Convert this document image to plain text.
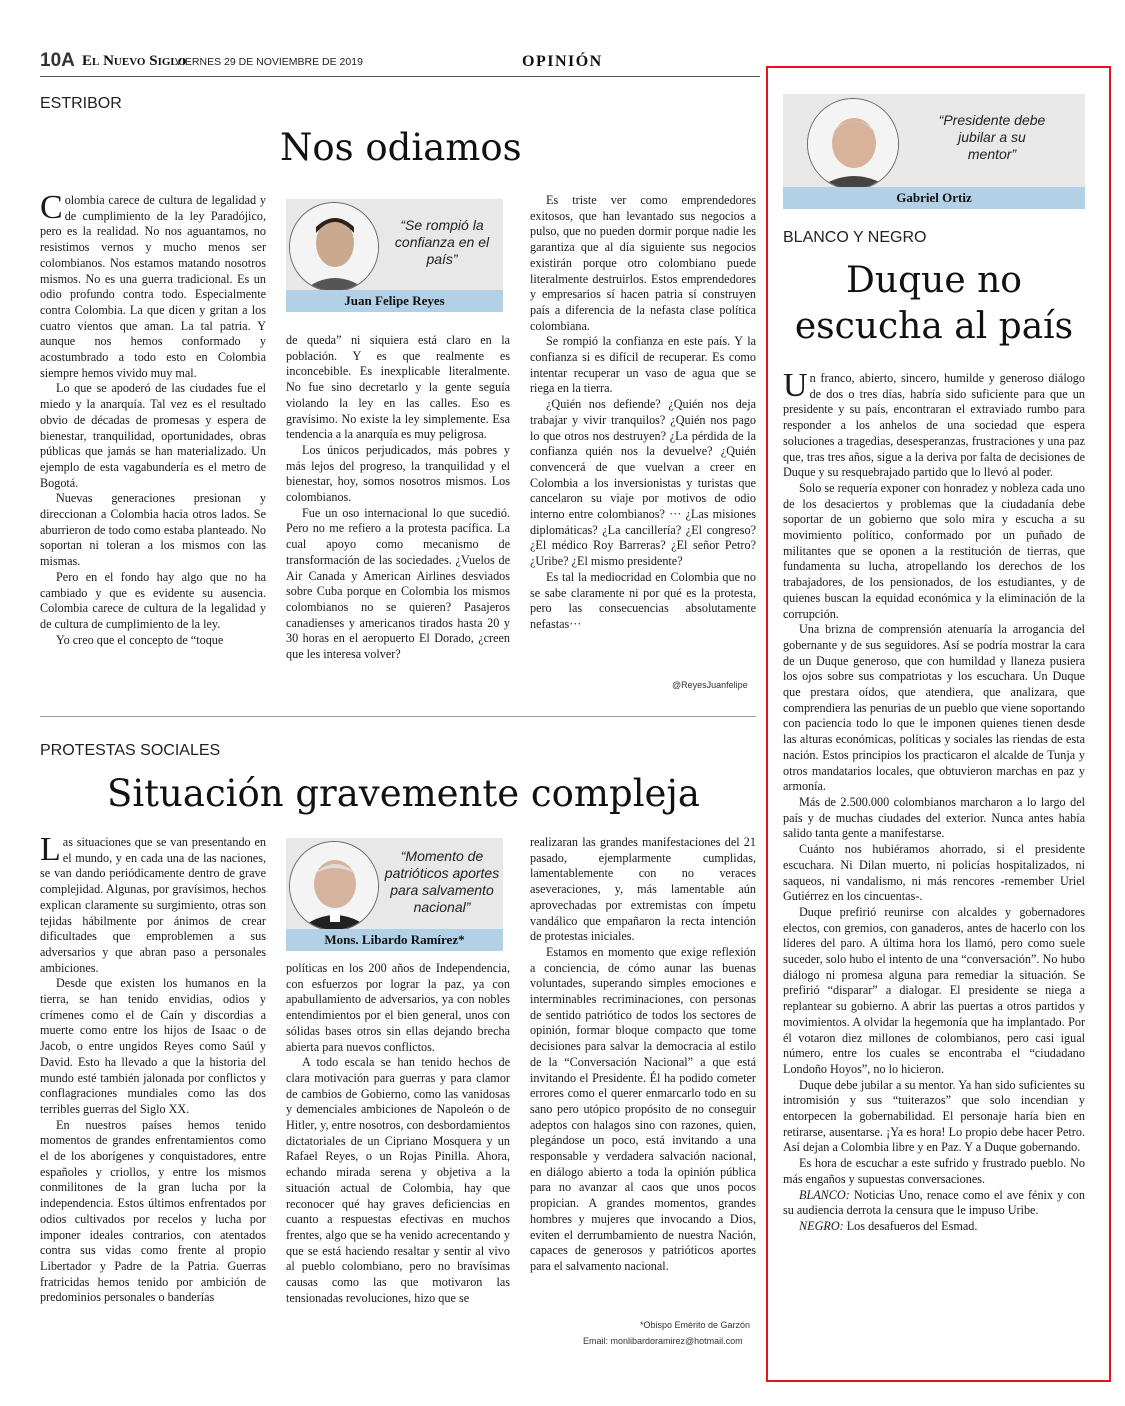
10A El Nuevo Siglo
VIERNES 29 DE NOVIEMBRE DE 2019	OPINIÓN
ESTRIBOR
Nos odiamos

Colombia carece de cultura de legalidad y de cumplimiento de la ley Paradójico, pero es la realidad. No nos aguantamos, no resistimos vernos y mucho menos ser colombianos. Nos estamos matando nosotros mismos. No es una guerra tradicional. Es un odio profundo contra todo. Especialmente contra Colombia. La que dicen y gritan a los cuatro vientos que aman. La tal patria. Y aunque nos hemos conformado y acostumbrado a todo esto en Colombia siempre hemos vivido muy mal.

Lo que se apoderó de las ciudades fue el miedo y la anarquía. Tal vez es el resultado obvio de décadas de promesas y espera de bienestar, tranquilidad, oportunidades, obras públicas que jamás se han materializado. Un ejemplo de esta vagabundería es el metro de Bogotá.

Nuevas generaciones presionan y direccionan a Colombia hacia otros lados. Se aburrieron de todo como estaba planteado. No soportan ni toleran a los mismos con las mismas.

Pero en el fondo hay algo que no ha cambiado y que es evidente su ausencia. Colombia carece de cultura de la legalidad y de cultura de cumplimiento de la ley.

Yo creo que el concepto de “toque

“Se rompió la confianza en el país”
Juan Felipe Reyes

de queda” ni siquiera está claro en la población. Y es que realmente es inconcebible. Es inexplicable literalmente. No fue sino decretarlo y la gente seguía violando la ley en las calles. Eso es gravísimo. No existe la ley simplemente. Esa tendencia a la anarquía es muy peligrosa.

Los únicos perjudicados, más pobres y más lejos del progreso, la tranquilidad y el bienestar, hoy, somos nosotros mismos. Los colombianos.

Fue un oso internacional lo que sucedió. Pero no me refiero a la protesta pacífica. La cual apoyo como mecanismo de transformación de las sociedades. ¿Vuelos de Air Canada y American Airlines desviados sobre Cuba porque en Colombia los mismos colombianos no se quieren? Pasajeros canadienses y americanos tirados hasta 20 y 30 horas en el aeropuerto El Dorado, ¿creen que les interesa volver?

Es triste ver como emprendedores exitosos, que han levantado sus negocios a pulso, que no pueden dormir porque nadie les garantiza que al día siguiente sus negocios existirán porque otro colombiano puede literalmente destruirlos. Estos emprendedores y empresarios sí hacen patria sí construyen país a diferencia de la nefasta clase política colombiana.

Se rompió la confianza en este país. Y la confianza si es difícil de recuperar. Es como intentar recuperar un vaso de agua que se riega en la tierra.

¿Quién nos defiende? ¿Quién nos deja trabajar y vivir tranquilos? ¿Quién nos pago lo que otros nos destruyen? ¿La pérdida de la confianza quién nos la devuelve? ¿Quién convencerá de que vuelvan a creer en Colombia a los inversionistas y turistas que cancelaron su viaje por motivos de odio interno entre colombianos? ··· ¿Las misiones diplomáticas? ¿La cancillería? ¿El congreso? ¿El médico Roy Barreras? ¿El señor Petro? ¿Uribe? ¿El mismo presidente?

Es tal la mediocridad en Colombia que no se sabe claramente ni por qué es la protesta, pero las consecuencias absolutamente nefastas···

@ReyesJuanfelipe
PROTESTAS SOCIALES
Situación gravemente compleja

Las situaciones que se van presentando en el mundo, y en cada una de las naciones, se van dando periódicamente dentro de grave complejidad. Algunas, por gravísimos, hechos explican claramente su surgimiento, otras son tejidas hábilmente por ánimos de crear dificultades que emproblemen a sus adversarios y que abran paso a personales ambiciones.

Desde que existen los humanos en la tierra, se han tenido envidias, odios y crímenes como el de Caín y discordias a muerte como entre los hijos de Isaac o de Jacob, o entre ungidos Reyes como Saúl y David. Esto ha llevado a que la historia del mundo esté también jalonada por conflictos y conflagraciones mundiales como las dos terribles guerras del Siglo XX.

En nuestros países hemos tenido momentos de grandes enfrentamientos como el de los aborígenes y conquistadores, entre españoles y criollos, y entre los mismos conmilitones de la gran lucha por la independencia. Estos últimos enfrentados por odios cultivados por recelos y lucha por imponer ideales contrarios, con atentados contra sus vidas como frente al propio Libertador y Padre de la Patria. Guerras fratricidas hemos tenido por ambición de predominios personales o banderías

“Momento de patrióticos aportes para salvamento nacional”
Mons. Libardo Ramírez*

políticas en los 200 años de Independencia, con esfuerzos por lograr la paz, ya con apabullamiento de adversarios, ya con nobles entendimientos por el bien general, unos con sólidas bases otros sin ellas dejando brecha abierta para nuevos conflictos.

A todo escala se han tenido hechos de clara motivación para guerras y para clamor de cambios de Gobierno, como las vanidosas y demenciales ambiciones de Napoleón o de Hitler, y, entre nosotros, con desbordamientos dictatoriales de un Cipriano Mosquera y un Rafael Reyes, o un Rojas Pinilla. Ahora, echando mirada serena y objetiva a la situación actual de Colombia, hay que reconocer qué hay graves deficiencias en cuanto a respuestas efectivas en muchos frentes, algo que se ha venido acrecentando y que se está haciendo resaltar y sentir al vivo al pueblo colombiano, pero no bravísimas causas como las que motivaron las tensionadas revoluciones, hizo que se

realizaran las grandes manifestaciones del 21 pasado, ejemplarmente cumplidas, lamentablemente con no veraces aseveraciones, y, más lamentable aún aprovechadas por extremistas con ímpetu vandálico que empañaron la recta intención de protestas iniciales.

Estamos en momento que exige reflexión a conciencia, de cómo aunar las buenas voluntades, superando simples emociones e interminables recriminaciones, con personas de sentido patriótico de todos los sectores de opinión, formar bloque compacto que tome decisiones para salvar la democracia al estilo de la “Conversación Nacional” a que está invitando el Presidente. Él ha podido cometer errores como el querer enmarcarlo todo en su sano pero utópico propósito de no conseguir adeptos con halagos sino con razones, quien, plegándose un poco, está invitando a una responsable y verdadera salvación nacional, en diálogo abierto a toda la opinión pública para no avanzar al caos que unos pocos propician. A grandes momentos, grandes hombres y mujeres que invocando a Dios, eviten el derrumbamiento de nuestra Nación, capaces de generosos y patrióticos aportes para el salvamento nacional.

*Obispo Emérito de Garzón
Email: monlibardoramirez@hotmail.com
“Presidente debe jubilar a su mentor”
Gabriel Ortiz
BLANCO Y NEGRO
Duque no
escucha al país

Un franco, abierto, sincero, humilde y generoso diálogo de dos o tres días, habría sido suficiente para que un presidente y su país, encontraran el extraviado rumbo para responder a los anhelos de una sociedad que espera soluciones a tragedias, desesperanzas, frustraciones y una paz que, tras tres años, sigue a la deriva por falta de decisiones de Duque y su resquebrajado partido que lo llevó al poder.

Solo se requería exponer con honradez y nobleza cada uno de los desaciertos y problemas que la ciudadanía debe soportar de un gobierno que solo mira y escucha a su movimiento político, conformado por un puñado de militantes que se oponen a la restitución de tierras, que fundamenta su lucha, atropellando los derechos de los trabajadores, de los pensionados, de los estudiantes, y de quienes buscan la equidad económica y la eliminación de la corrupción.

Una brizna de comprensión atenuaría la arrogancia del gobernante y de sus seguidores. Así se podría mostrar la cara de un Duque generoso, que con humildad y llaneza pusiera los ojos sobre sus compatriotas y los escuchara. Un Duque que prestara oídos, que atendiera, que analizara, que comprendiera las penurias de un pueblo que viene soportando con paciencia todo lo que le imponen quienes tienen desde las alturas económicas, políticas y sociales las riendas de esta nación. Estos principios los practicaron el alcalde de Tunja y otros mandatarios locales, que obtuvieron marchas en paz y armonía.

Más de 2.500.000 colombianos marcharon a lo largo del país y de muchas ciudades del exterior. Nunca antes había salido tanta gente a manifestarse.

Cuánto nos hubiéramos ahorrado, si el presidente escuchara. Ni Dilan muerto, ni policías hospitalizados, ni saqueos, ni vandalismo, ni más rencores -remember Uriel Gutiérrez en los cincuentas-.

Duque prefirió reunirse con alcaldes y gobernadores electos, con gremios, con ganaderos, antes de hacerlo con los líderes del paro. A última hora los llamó, pero como suele suceder, solo hubo el intento de una “conversación”. No hubo diálogo ni promesa alguna para remediar la situación. Se prefirió “disparar” a dialogar. El presidente se niega a replantear su gobierno. A abrir las puertas a otros partidos y movimientos. A olvidar la hegemonía que ha implantado. Por él votaron diez millones de colombianos, pero casi igual número, entre los cuales se encontraba el “ciudadano Londoño Hoyos”, no lo hicieron.

Duque debe jubilar a su mentor. Ya han sido suficientes su intromisión y sus “tuiterazos” que solo incendian y entorpecen la gobernabilidad. El personaje haría bien en retirarse, ausentarse. ¡Ya es hora! Lo propio debe hacer Petro. Así dejan a Colombia libre y en Paz. Y a Duque gobernando.

Es hora de escuchar a este sufrido y frustrado pueblo. No más engaños y supuestas conversaciones.

BLANCO: Noticias Uno, renace como el ave fénix y con su audiencia derrota la censura que le impuso Uribe.

NEGRO: Los desafueros del Esmad.
